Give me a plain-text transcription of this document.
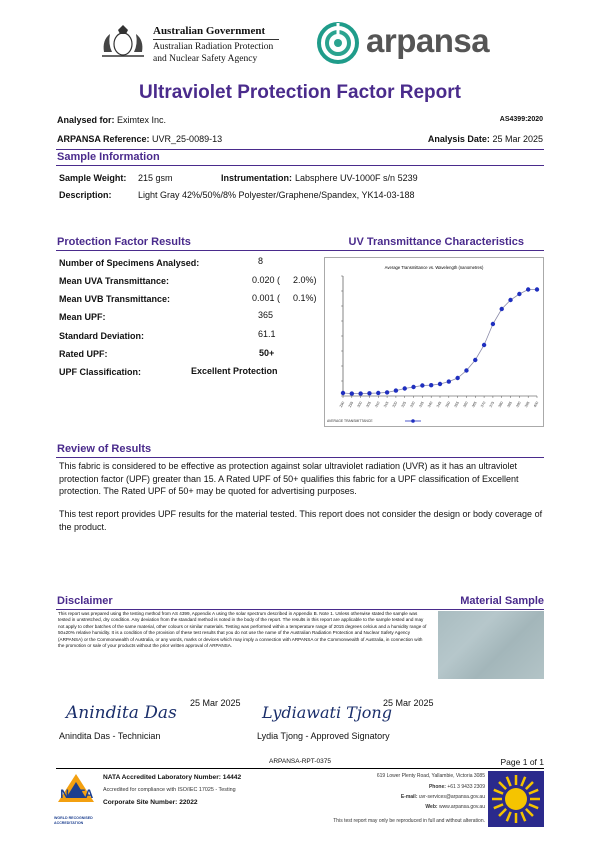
Australian Government
Australian Radiation Protection
and Nuclear Safety Agency	arpansa
Ultraviolet Protection Factor Report
Analysed for: Eximtex Inc.	AS4399:2020
ARPANSA Reference: UVR_25-0089-13	Analysis Date: 25 Mar 2025
Sample Information
Sample Weight: 215 gsm	Instrumentation: Labsphere UV-1000F s/n 5239
Description:	Light Gray 42%/50%/8% Polyester/Graphene/Spandex, YK14-03-188
Protection Factor Results	UV Transmittance Characteristics
Number of Specimens Analysed:	8
Mean UVA Transmittance:	0.020 ( 2.0%)
Mean UVB Transmittance:	0.001 ( 0.1%)
Mean UPF:	365
Standard Deviation:	61.1
Rated UPF:	50+
UPF Classification:	Excellent Protection
Average Transmittance vs. Wavelength (nanometres)
290 295 300 305 310 315 320 325 330 335 340 345 350 355 360 365 370 375 380 385 390 395 400
AVERAGE TRANSMITTANCE
Review of Results
This fabric is considered to be effective as protection against solar ultraviolet radiation (UVR) as it has an ultraviolet protection factor (UPF) greater than 15. A Rated UPF of 50+ qualifies this fabric for a UPF classification of Excellent protection. The Rated UPF of 50+ may be quoted for advertising purposes.
This test report provides UPF results for the material tested. This report does not consider the design or body coverage of the product.
Disclaimer	Material Sample
This report was prepared using the testing method from AS 4399, Appendix A using the solar spectrum described in Appendix B. Note 1. Unless otherwise stated the sample was tested in unstretched, dry condition. Any deviation from the standard method is noted in the body of the report. The results in this report are applicable to the sample tested and may not apply to other batches of the same material, other colours or similar materials. Testing was performed within a temperature range of 2015 degrees celcius and a humidity range of 50±20% relative humidity. It is a condition of the provision of these test results that you do not use the name of the Australian Radiation Protection and Nuclear Safety Agency (ARPANSA) or the Commonwealth of Australia, or any words, marks or devices which may imply a connection with ARPANSA or the Commonwealth of Australia, in connection with the promotion or sale of your products without the prior written approval of ARPANSA.
25 Mar 2025
Anindita Das
Anindita Das - Technician
25 Mar 2025
Lydiawati Tjong
Lydia Tjong - Approved Signatory
ARPANSA-RPT-0375	Page 1 of 1
NATA
WORLD RECOGNISED
ACCREDITATION
NATA Accredited Laboratory Number: 14442
Accredited for compliance with ISO/IEC 17025 - Testing
Corporate Site Number: 22022
619 Lower Plenty Road, Yallambie, Victoria 3085
Phone: +61 3 9433 2309
E-mail: uvr-services@arpansa.gov.au
Web: www.arpansa.gov.au
This test report may only be reproduced in full and without alteration.
